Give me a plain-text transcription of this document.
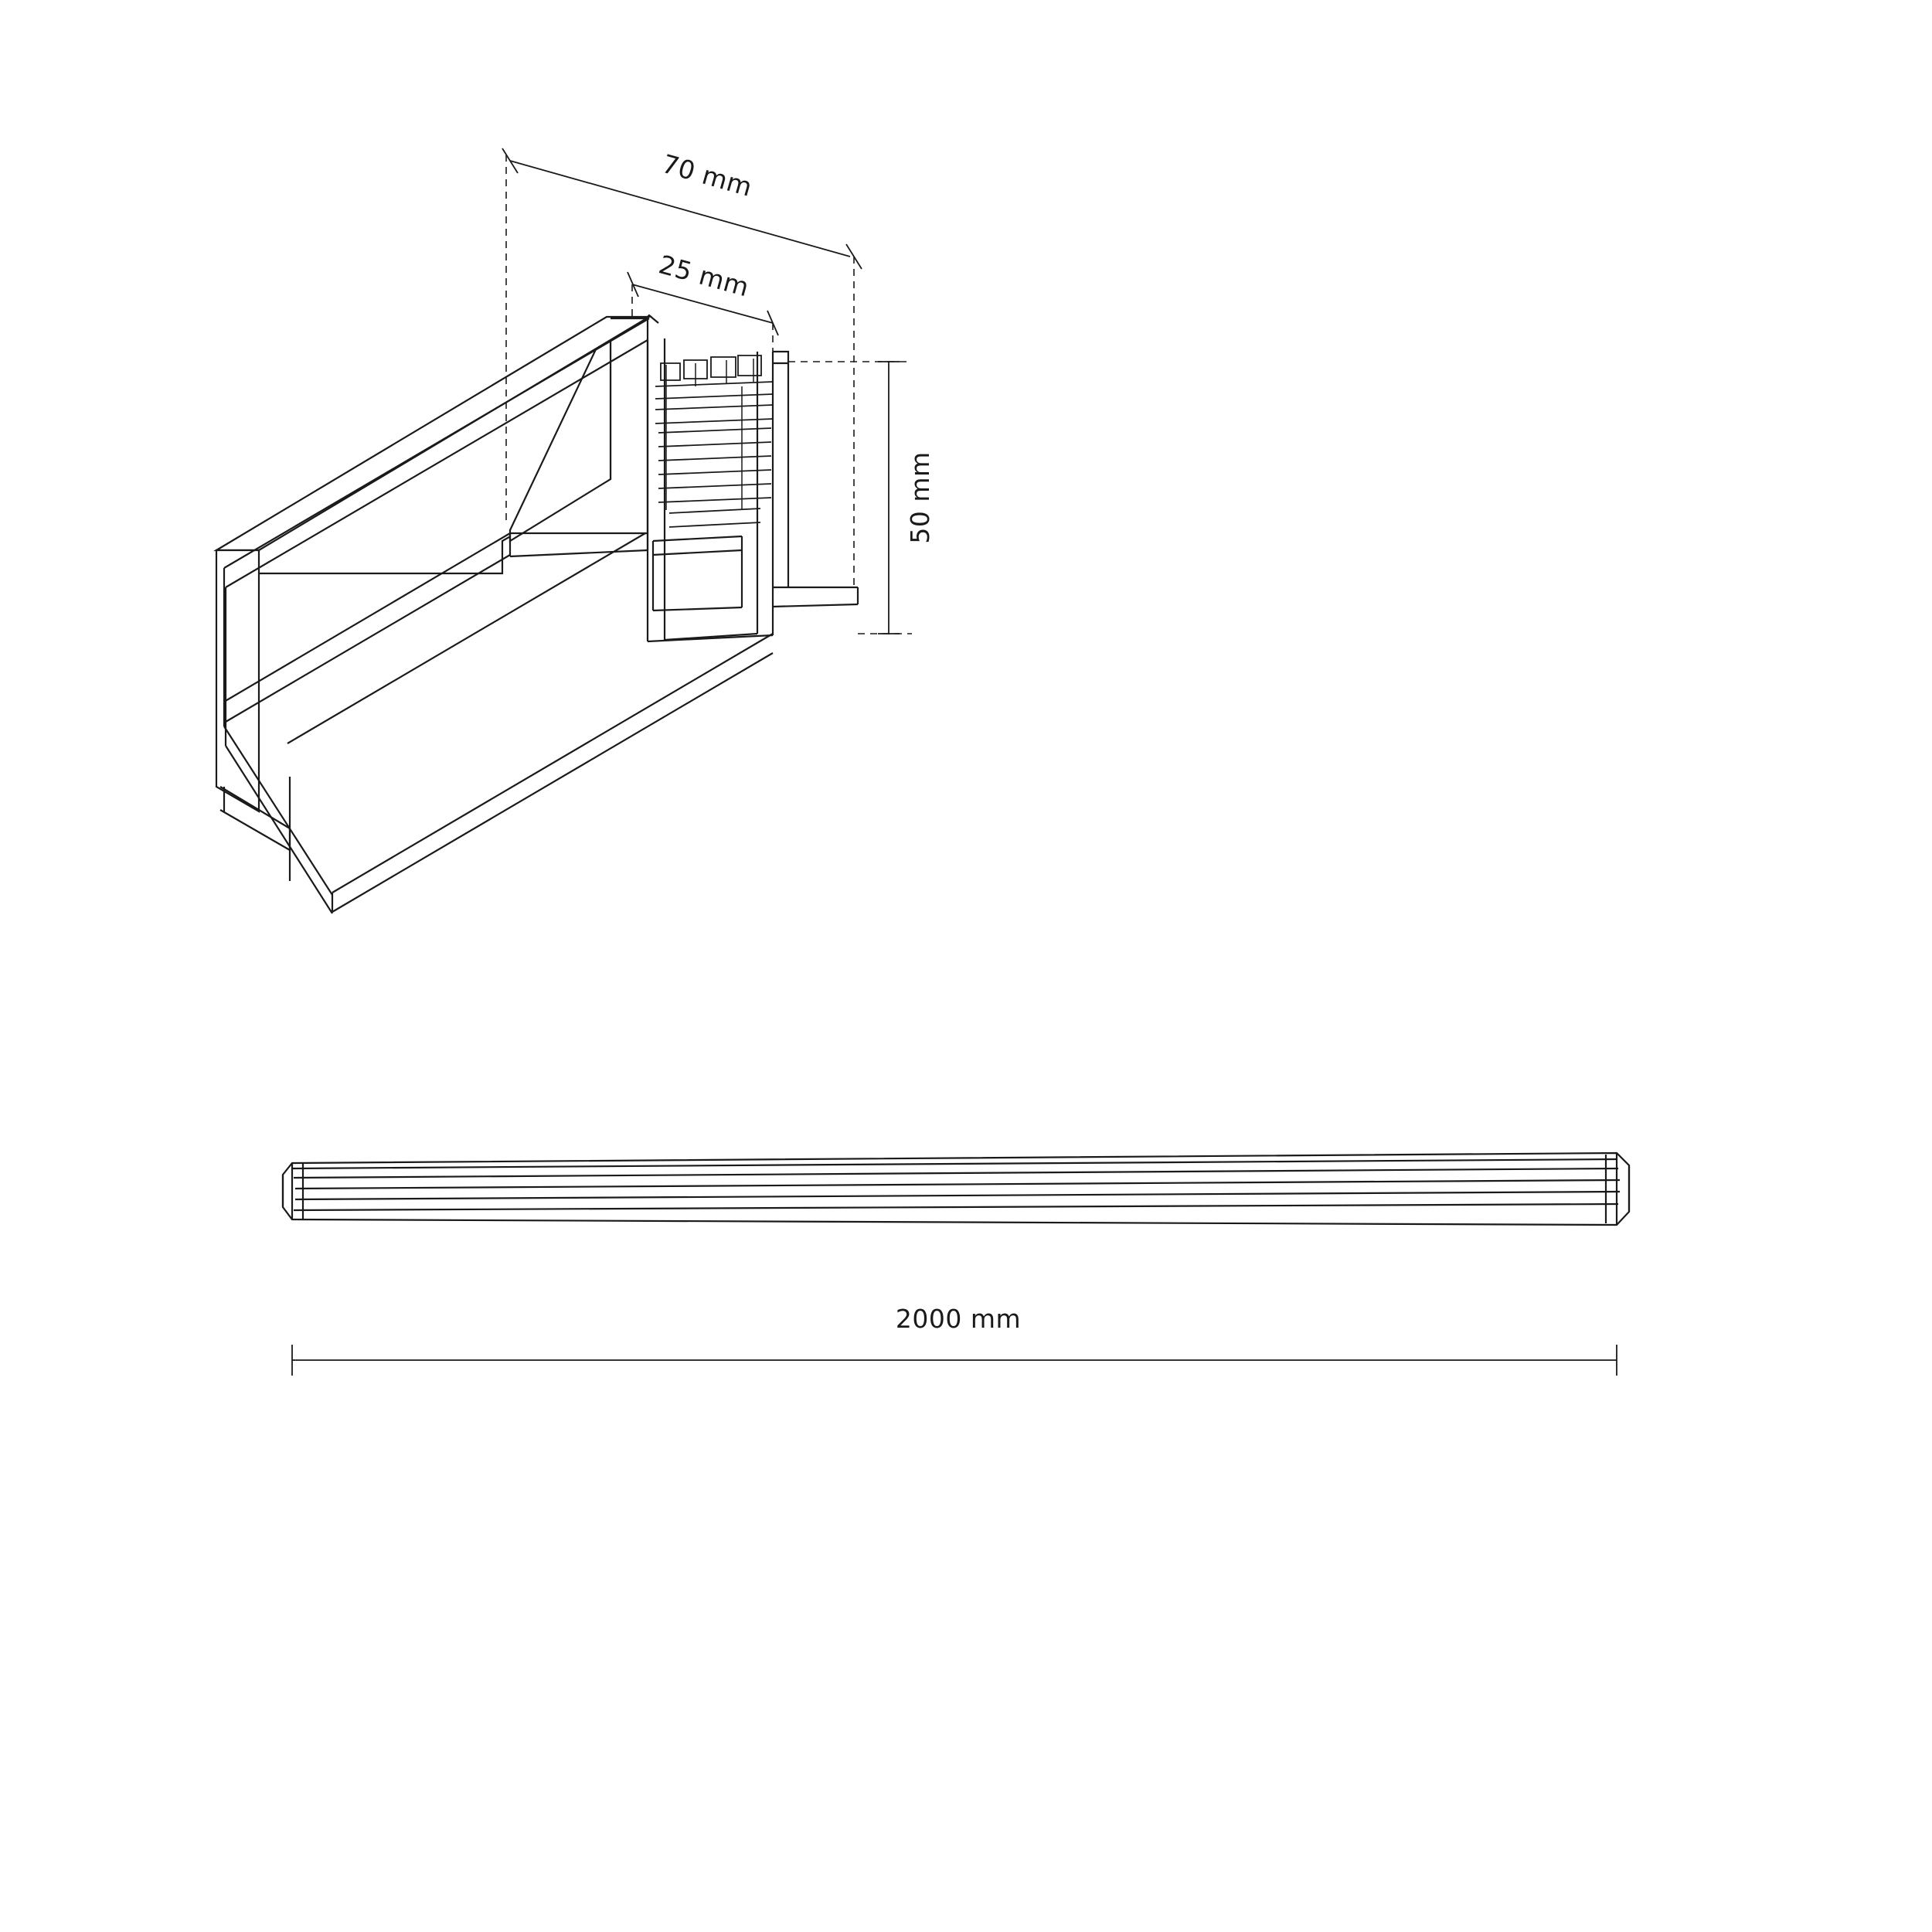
70 mm
25 mm
50 mm
2000 mm
